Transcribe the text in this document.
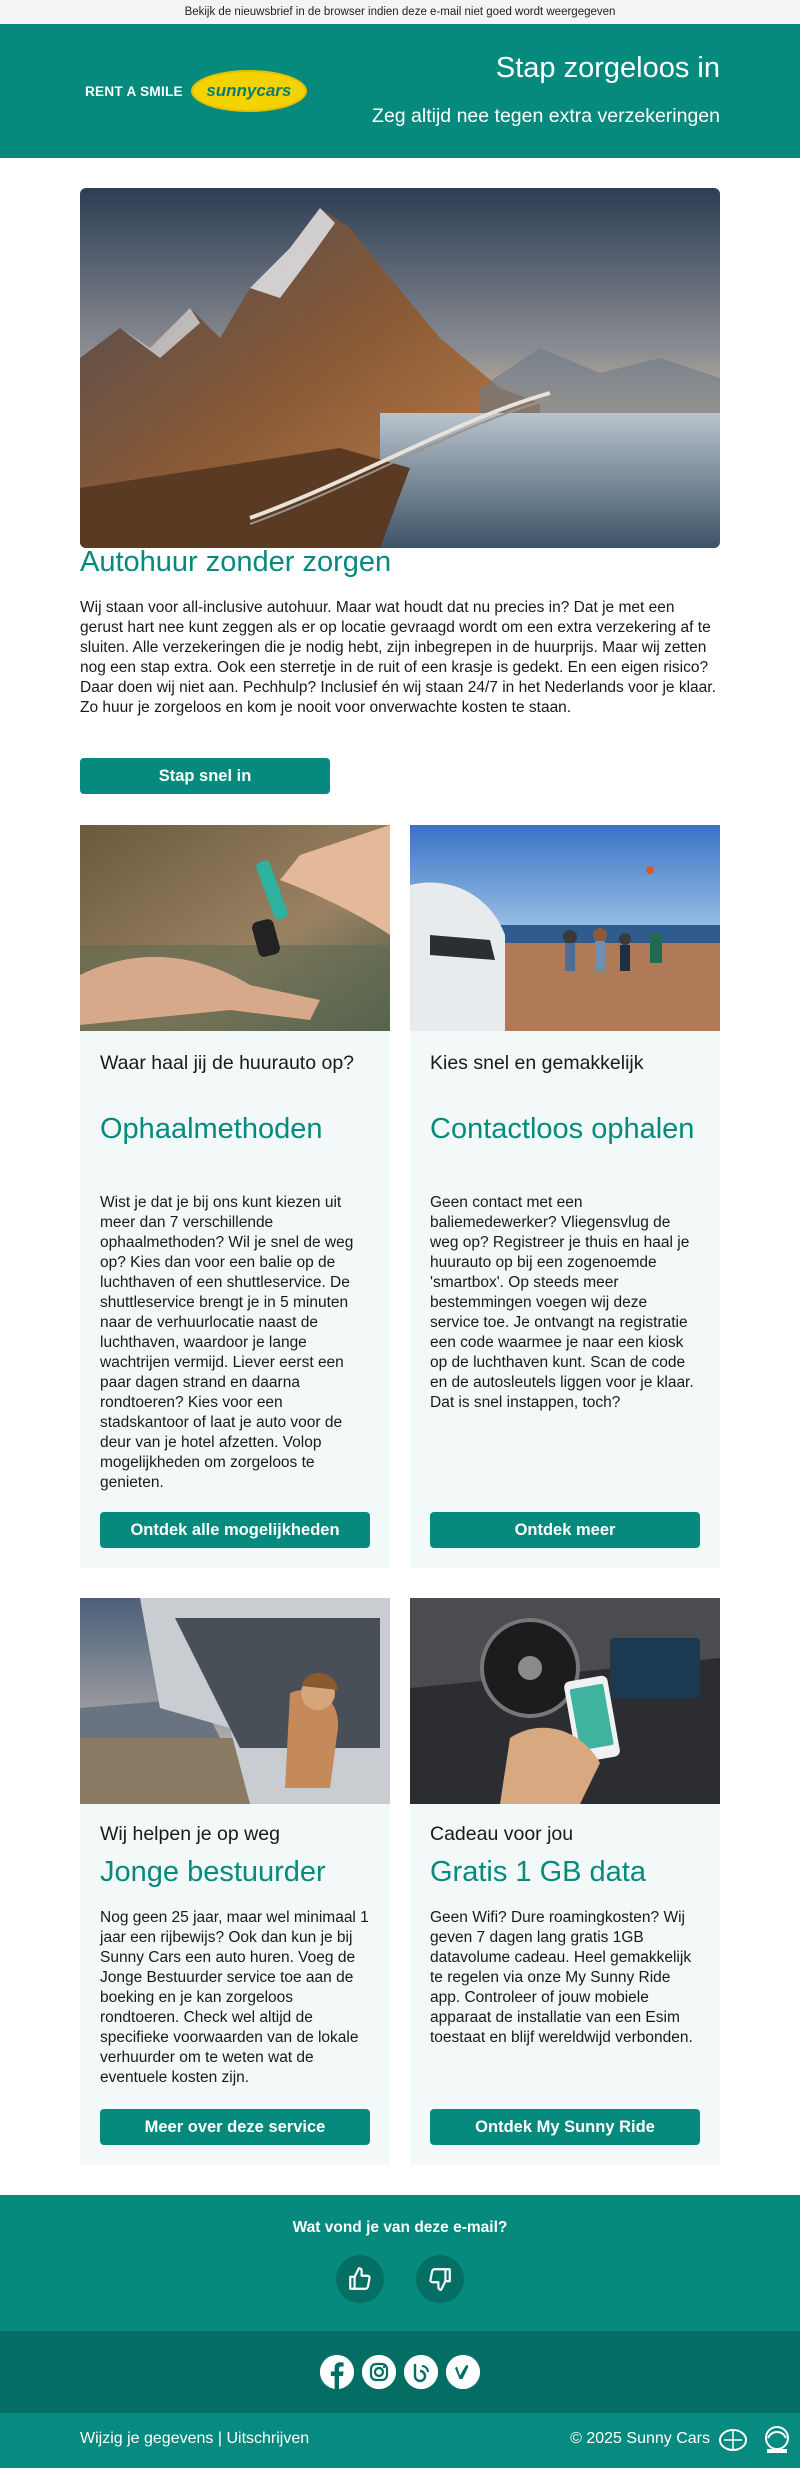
Bekijk de nieuwsbrief in de browser indien deze e-mail niet goed wordt weergegeven
RENT A SMILE sunnycars
Stap zorgeloos in
Zeg altijd nee tegen extra verzekeringen
Autohuur zonder zorgen
Wij staan voor all-inclusive autohuur. Maar wat houdt dat nu precies in? Dat je met een gerust hart nee kunt zeggen als er op locatie gevraagd wordt om een extra verzekering af te sluiten. Alle verzekeringen die je nodig hebt, zijn inbegrepen in de huurprijs. Maar wij zetten nog een stap extra. Ook een sterretje in de ruit of een krasje is gedekt. En een eigen risico? Daar doen wij niet aan. Pechhulp? Inclusief én wij staan 24/7 in het Nederlands voor je klaar. Zo huur je zorgeloos en kom je nooit voor onverwachte kosten te staan.
Stap snel in
Waar haal jij de huurauto op?
Ophaalmethoden
Wist je dat je bij ons kunt kiezen uit meer dan 7 verschillende ophaalmethoden? Wil je snel de weg op? Kies dan voor een balie op de luchthaven of een shuttleservice. De shuttleservice brengt je in 5 minuten naar de verhuurlocatie naast de luchthaven, waardoor je lange wachtrijen vermijd. Liever eerst een paar dagen strand en daarna rondtoeren? Kies voor een stadskantoor of laat je auto voor de deur van je hotel afzetten. Volop mogelijkheden om zorgeloos te genieten.
Ontdek alle mogelijkheden
Kies snel en gemakkelijk
Contactloos ophalen
Geen contact met een baliemedewerker? Vliegensvlug de weg op? Registreer je thuis en haal je huurauto op bij een zogenoemde 'smartbox'. Op steeds meer bestemmingen voegen wij deze service toe. Je ontvangt na registratie een code waarmee je naar een kiosk op de luchthaven kunt. Scan de code en de autosleutels liggen voor je klaar. Dat is snel instappen, toch?
Ontdek meer
Wij helpen je op weg
Jonge bestuurder
Nog geen 25 jaar, maar wel minimaal 1 jaar een rijbewijs? Ook dan kun je bij Sunny Cars een auto huren. Voeg de Jonge Bestuurder service toe aan de boeking en je kan zorgeloos rondtoeren. Check wel altijd de specifieke voorwaarden van de lokale verhuurder om te weten wat de eventuele kosten zijn.
Meer over deze service
Cadeau voor jou
Gratis 1 GB data
Geen Wifi? Dure roamingkosten? Wij geven 7 dagen lang gratis 1GB datavolume cadeau. Heel gemakkelijk te regelen via onze My Sunny Ride app. Controleer of jouw mobiele apparaat de installatie van een Esim toestaat en blijf wereldwijd verbonden.
Ontdek My Sunny Ride
Wat vond je van deze e-mail?
Wijzig je gegevens | Uitschrijven	© 2025 Sunny Cars
